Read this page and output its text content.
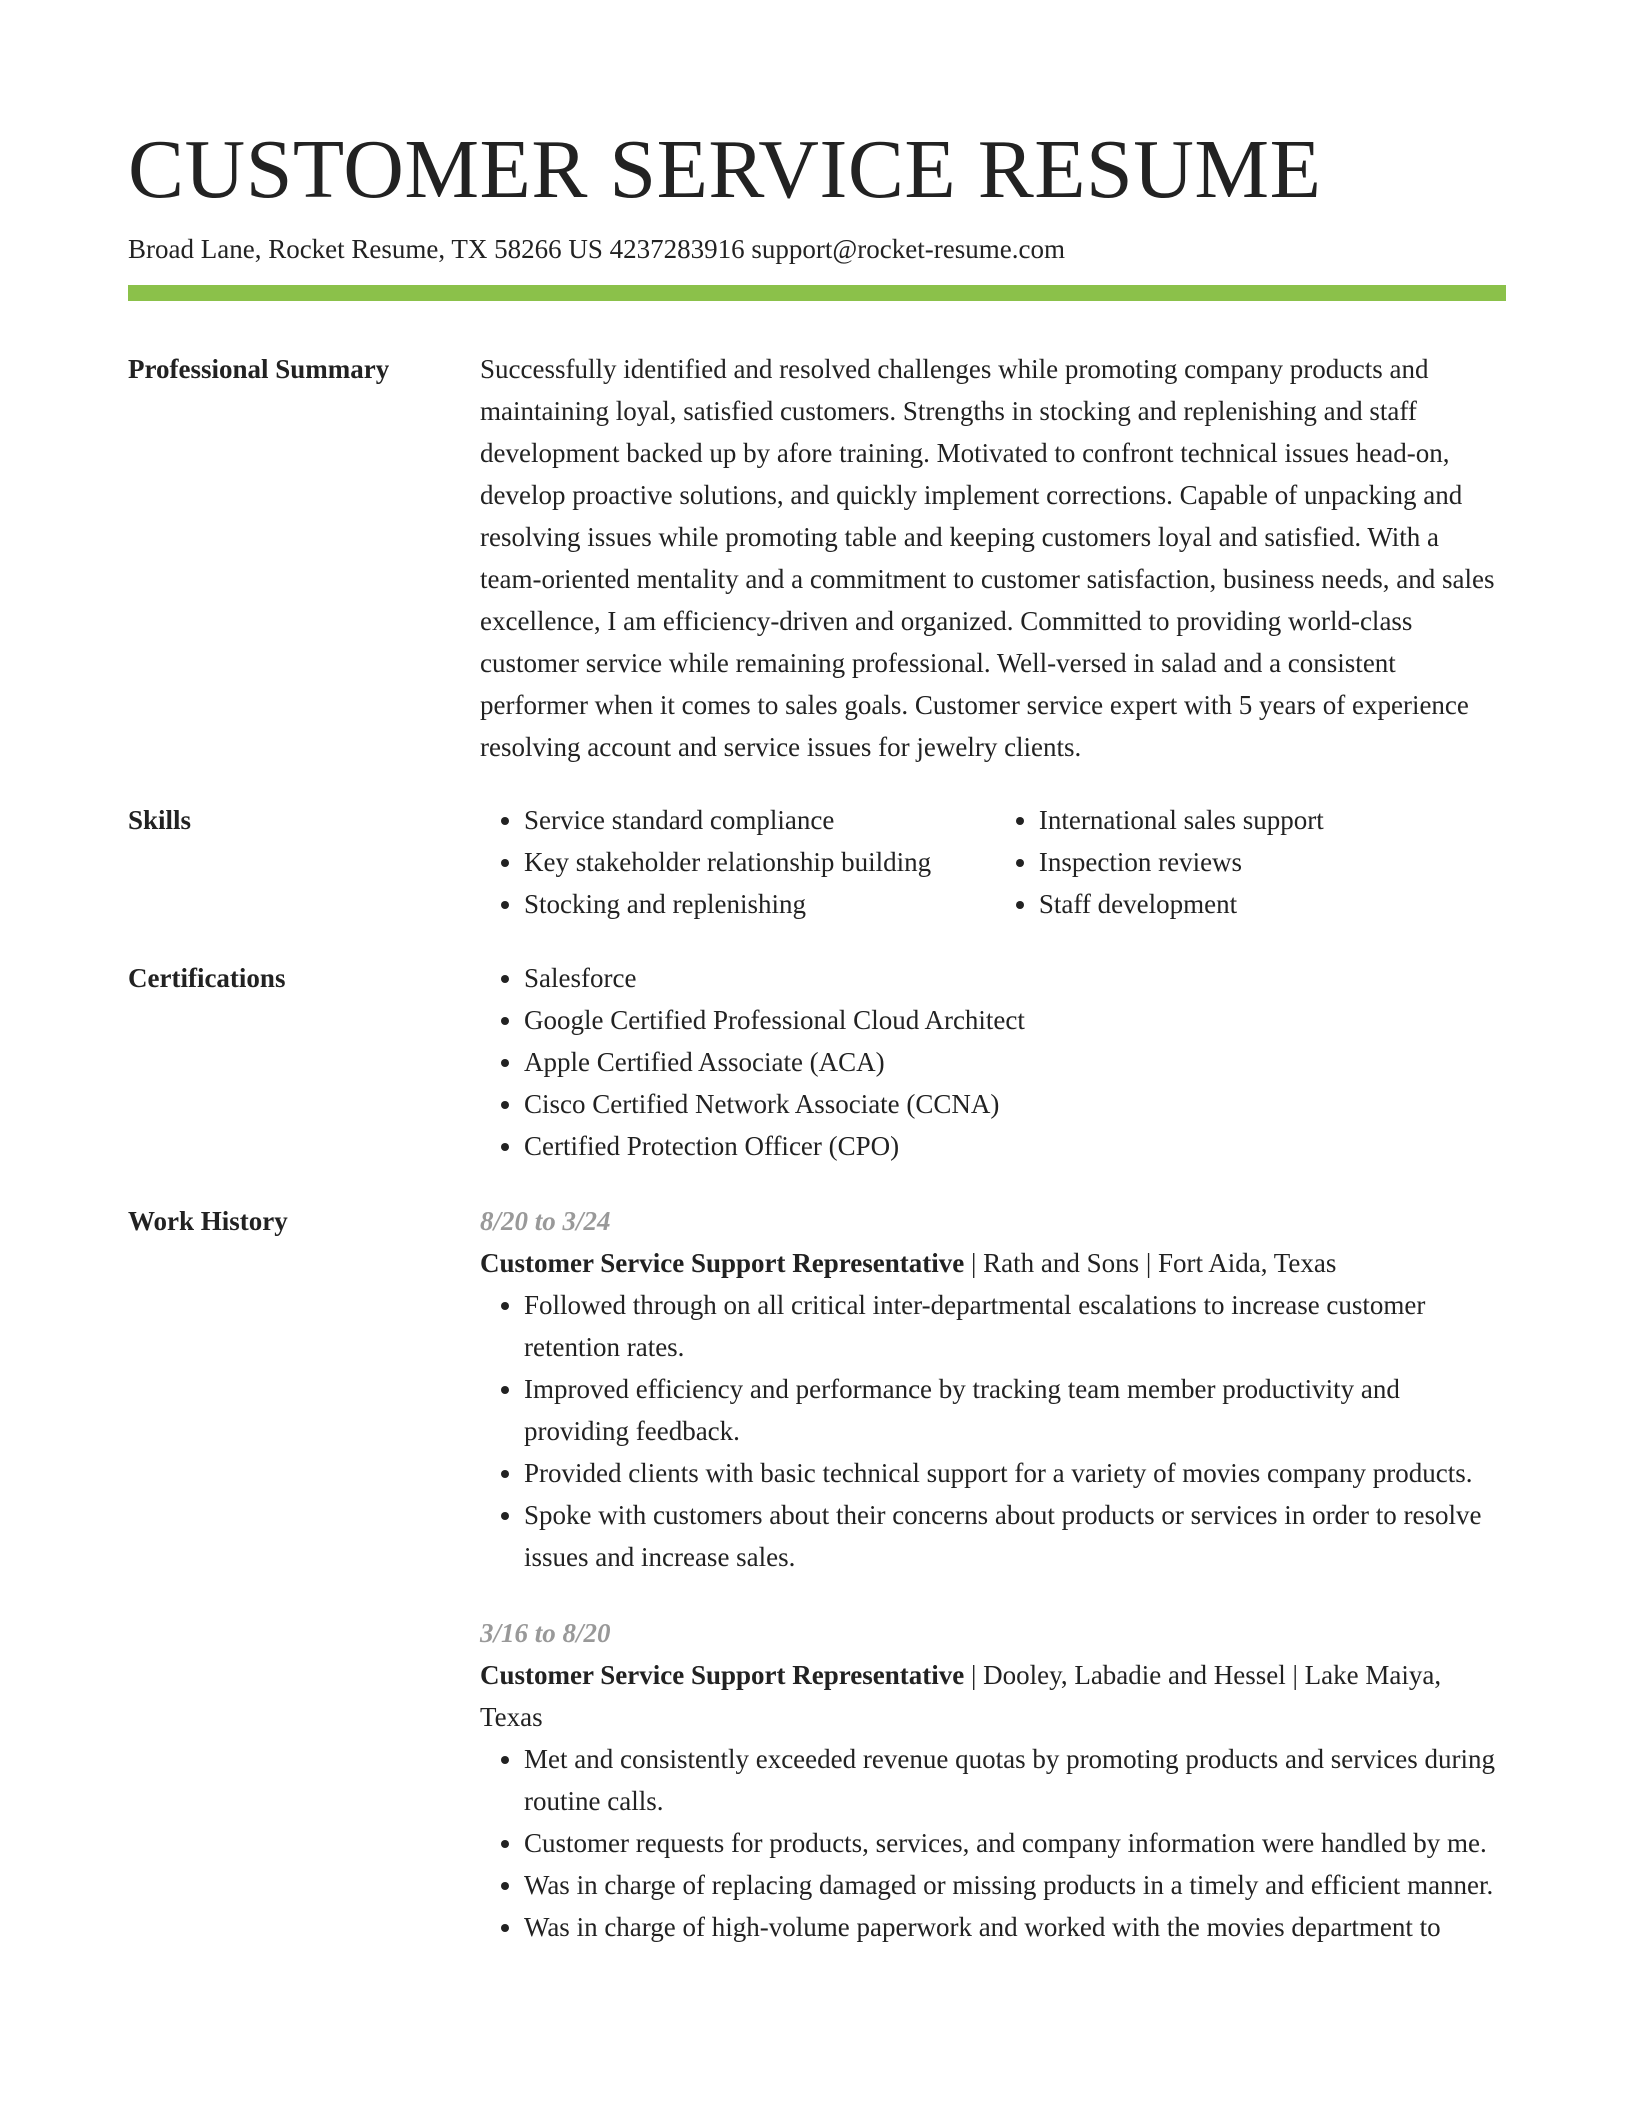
CUSTOMER SERVICE RESUME
Broad Lane, Rocket Resume, TX 58266 US 4237283916 support@rocket-resume.com
Professional Summary	Successfully identified and resolved challenges while promoting company products and maintaining loyal, satisfied customers. Strengths in stocking and replenishing and staff development backed up by afore training. Motivated to confront technical issues head-on, develop proactive solutions, and quickly implement corrections. Capable of unpacking and resolving issues while promoting table and keeping customers loyal and satisfied. With a team-oriented mentality and a commitment to customer satisfaction, business needs, and sales excellence, I am efficiency-driven and organized. Committed to providing world-class customer service while remaining professional. Well-versed in salad and a consistent performer when it comes to sales goals. Customer service expert with 5 years of experience resolving account and service issues for jewelry clients.

Skills	• Service standard compliance
• Key stakeholder relationship building
• Stocking and replenishing
• International sales support
• Inspection reviews
• Staff development
Certifications	• Salesforce
• Google Certified Professional Cloud Architect
• Apple Certified Associate (ACA)
• Cisco Certified Network Associate (CCNA)
• Certified Protection Officer (CPO)
Work History	8/20 to 3/24

Customer Service Support Representative | Rath and Sons | Fort Aida, Texas

• Followed through on all critical inter-departmental escalations to increase customer retention rates.
• Improved efficiency and performance by tracking team member productivity and providing feedback.
• Provided clients with basic technical support for a variety of movies company products.
• Spoke with customers about their concerns about products or services in order to resolve issues and increase sales.
3/16 to 8/20

Customer Service Support Representative | Dooley, Labadie and Hessel | Lake Maiya, Texas

• Met and consistently exceeded revenue quotas by promoting products and services during routine calls.
• Customer requests for products, services, and company information were handled by me.
• Was in charge of replacing damaged or missing products in a timely and efficient manner.
• Was in charge of high-volume paperwork and worked with the movies department to
